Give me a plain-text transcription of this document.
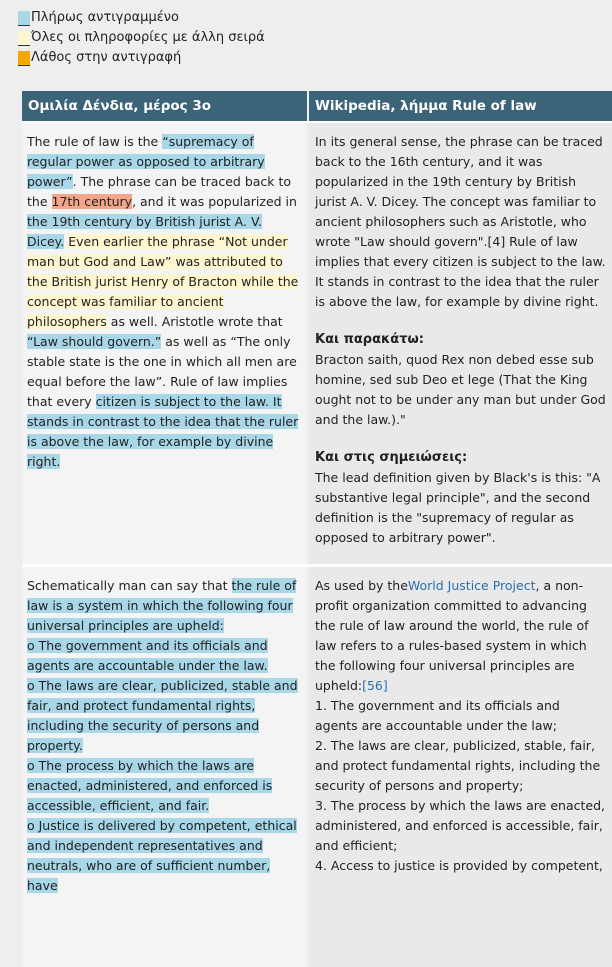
Πλήρως αντιγραμμένο
Όλες οι πληροφορίες με άλλη σειρά
Λάθος στην αντιγραφή
Ομιλία Δένδια, μέρος 3ο	Wikipedia, λήμμα Rule of law
The rule of law is the “supremacy of regular power as opposed to arbitrary power”. The phrase can be traced back to the 17th century, and it was popularized in the 19th century by British jurist A. V. Dicey. Even earlier the phrase “Not under man but God and Law” was attributed to the British jurist Henry of Bracton while the concept was familiar to ancient philosophers as well. Aristotle wrote that “Law should govern.” as well as “The only stable state is the one in which all men are equal before the law”. Rule of law implies that every citizen is subject to the law. It stands in contrast to the idea that the ruler is above the law, for example by divine right.

In its general sense, the phrase can be traced back to the 16th century, and it was popularized in the 19th century by British jurist A. V. Dicey. The concept was familiar to ancient philosophers such as Aristotle, who wrote "Law should govern".[4] Rule of law implies that every citizen is subject to the law. It stands in contrast to the idea that the ruler is above the law, for example by divine right.

Και παρακάτω:

Bracton saith, quod Rex non debed esse sub homine, sed sub Deo et lege (That the King ought not to be under any man but under God and the law.)."

Και στις σημειώσεις:

The lead definition given by Black's is this: "A substantive legal principle", and the second definition is the "supremacy of regular as opposed to arbitrary power".

Schematically man can say that the rule of law is a system in which the following four universal principles are upheld:
o The government and its officials and agents are accountable under the law.
o The laws are clear, publicized, stable and fair, and protect fundamental rights, including the security of persons and property.
o The process by which the laws are enacted, administered, and enforced is accessible, efficient, and fair.
o Justice is delivered by competent, ethical and independent representatives and neutrals, who are of sufficient number, have
As used by theWorld Justice Project, a non-profit organization committed to advancing the rule of law around the world, the rule of law refers to a rules-based system in which the following four universal principles are upheld:[56]
1. The government and its officials and agents are accountable under the law;
2. The laws are clear, publicized, stable, fair, and protect fundamental rights, including the security of persons and property;
3. The process by which the laws are enacted, administered, and enforced is accessible, fair, and efficient;
4. Access to justice is provided by competent,
